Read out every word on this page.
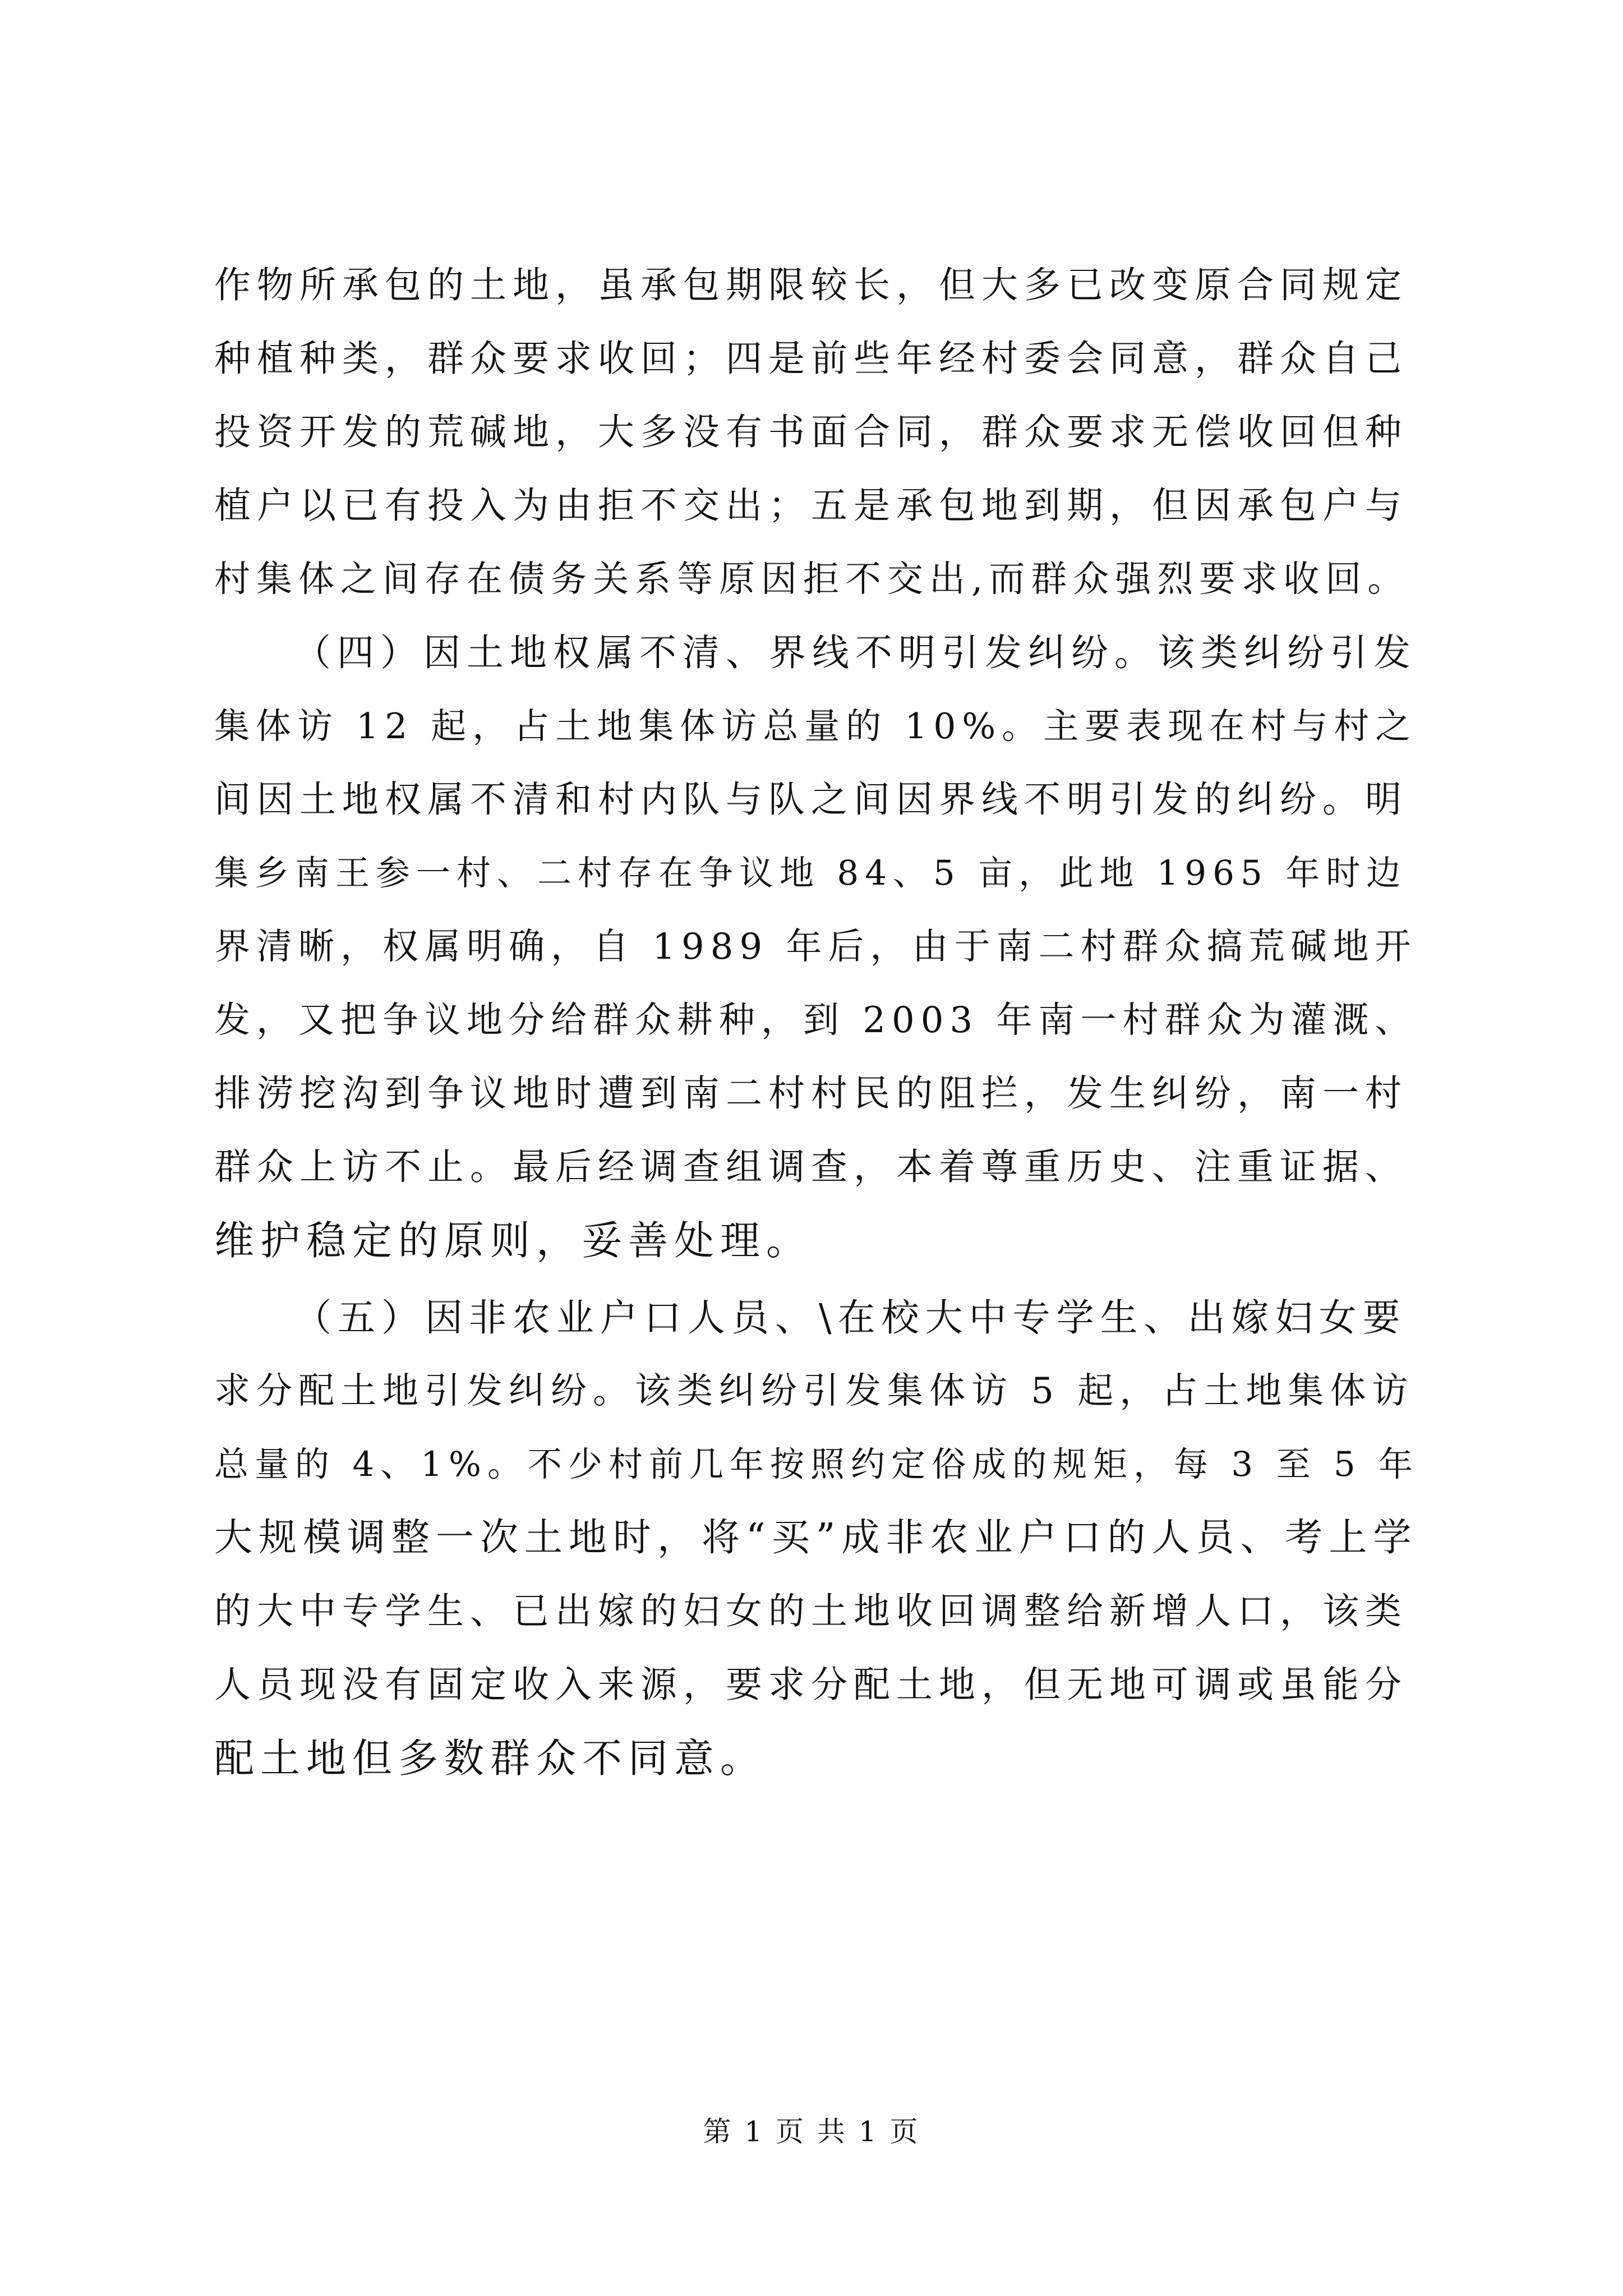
作物所承包的土地，虽承包期限较长，但大多已改变原合同规定
种植种类，群众要求收回；四是前些年经村委会同意，群众自己
投资开发的荒碱地，大多没有书面合同，群众要求无偿收回但种
植户以已有投入为由拒不交出；五是承包地到期，但因承包户与
村集体之间存在债务关系等原因拒不交出,而群众强烈要求收回。
（四）因土地权属不清、界线不明引发纠纷。该类纠纷引发
集体访 12 起，占土地集体访总量的 10%。主要表现在村与村之
间因土地权属不清和村内队与队之间因界线不明引发的纠纷。明
集乡南王参一村、二村存在争议地 84、5 亩，此地 1965 年时边
界清晰，权属明确，自 1989 年后，由于南二村群众搞荒碱地开
发，又把争议地分给群众耕种，到 2003 年南一村群众为灌溉、
排涝挖沟到争议地时遭到南二村村民的阻拦，发生纠纷，南一村
群众上访不止。最后经调查组调查，本着尊重历史、注重证据、
维护稳定的原则，妥善处理。
（五）因非农业户口人员、\在校大中专学生、出嫁妇女要
求分配土地引发纠纷。该类纠纷引发集体访 5 起，占土地集体访
总量的 4、1%。不少村前几年按照约定俗成的规矩，每 3 至 5 年
大规模调整一次土地时，将“买”成非农业户口的人员、考上学
的大中专学生、已出嫁的妇女的土地收回调整给新增人口，该类
人员现没有固定收入来源，要求分配土地，但无地可调或虽能分
配土地但多数群众不同意。
第 1 页 共 1 页
